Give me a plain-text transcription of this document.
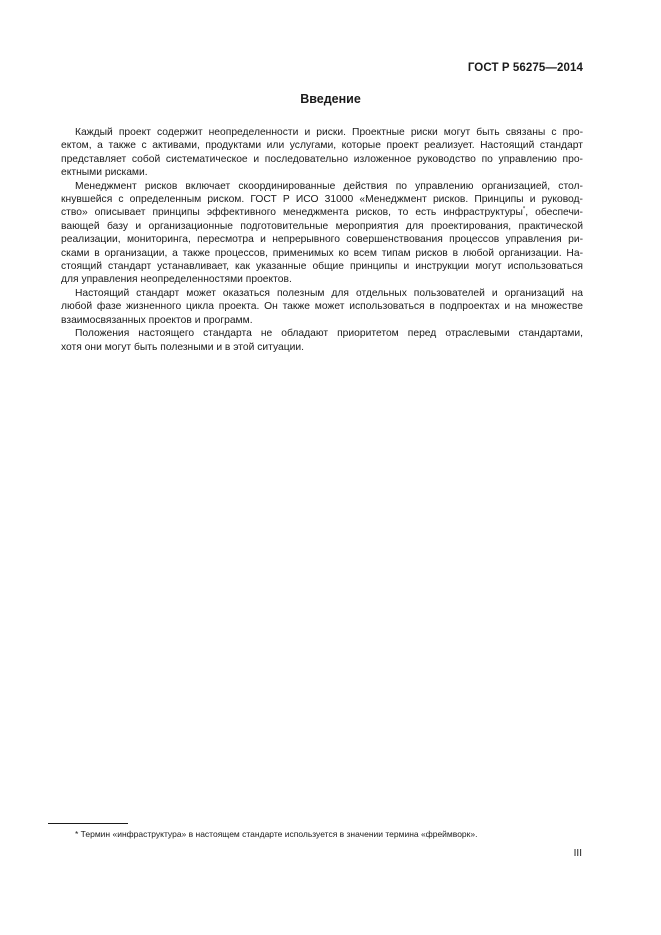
ГОСТ Р 56275—2014
Введение
Каждый проект содержит неопределенности и риски. Проектные риски могут быть связаны с про-
ектом, а также с активами, продуктами или услугами, которые проект реализует. Настоящий стандарт
представляет собой систематическое и последовательно изложенное руководство по управлению про-
ектными рисками.
Менеджмент рисков включает скоординированные действия по управлению организацией, стол-
кнувшейся с определенным риском. ГОСТ Р ИСО 31000 «Менеджмент рисков. Принципы и руковод-
ство» описывает принципы эффективного менеджмента рисков, то есть инфраструктуры*, обеспечи-
вающей базу и организационные подготовительные мероприятия для проектирования, практической
реализации, мониторинга, пересмотра и непрерывного совершенствования процессов управления ри-
сками в организации, а также процессов, применимых ко всем типам рисков в любой организации. На-
стоящий стандарт устанавливает, как указанные общие принципы и инструкции могут использоваться
для управления неопределенностями проектов.
Настоящий стандарт может оказаться полезным для отдельных пользователей и организаций на
любой фазе жизненного цикла проекта. Он также может использоваться в подпроектах и на множестве
взаимосвязанных проектов и программ.
Положения настоящего стандарта не обладают приоритетом перед отраслевыми стандартами,
хотя они могут быть полезными и в этой ситуации.
* Термин «инфраструктура» в настоящем стандарте используется в значении термина «фреймворк».
III
